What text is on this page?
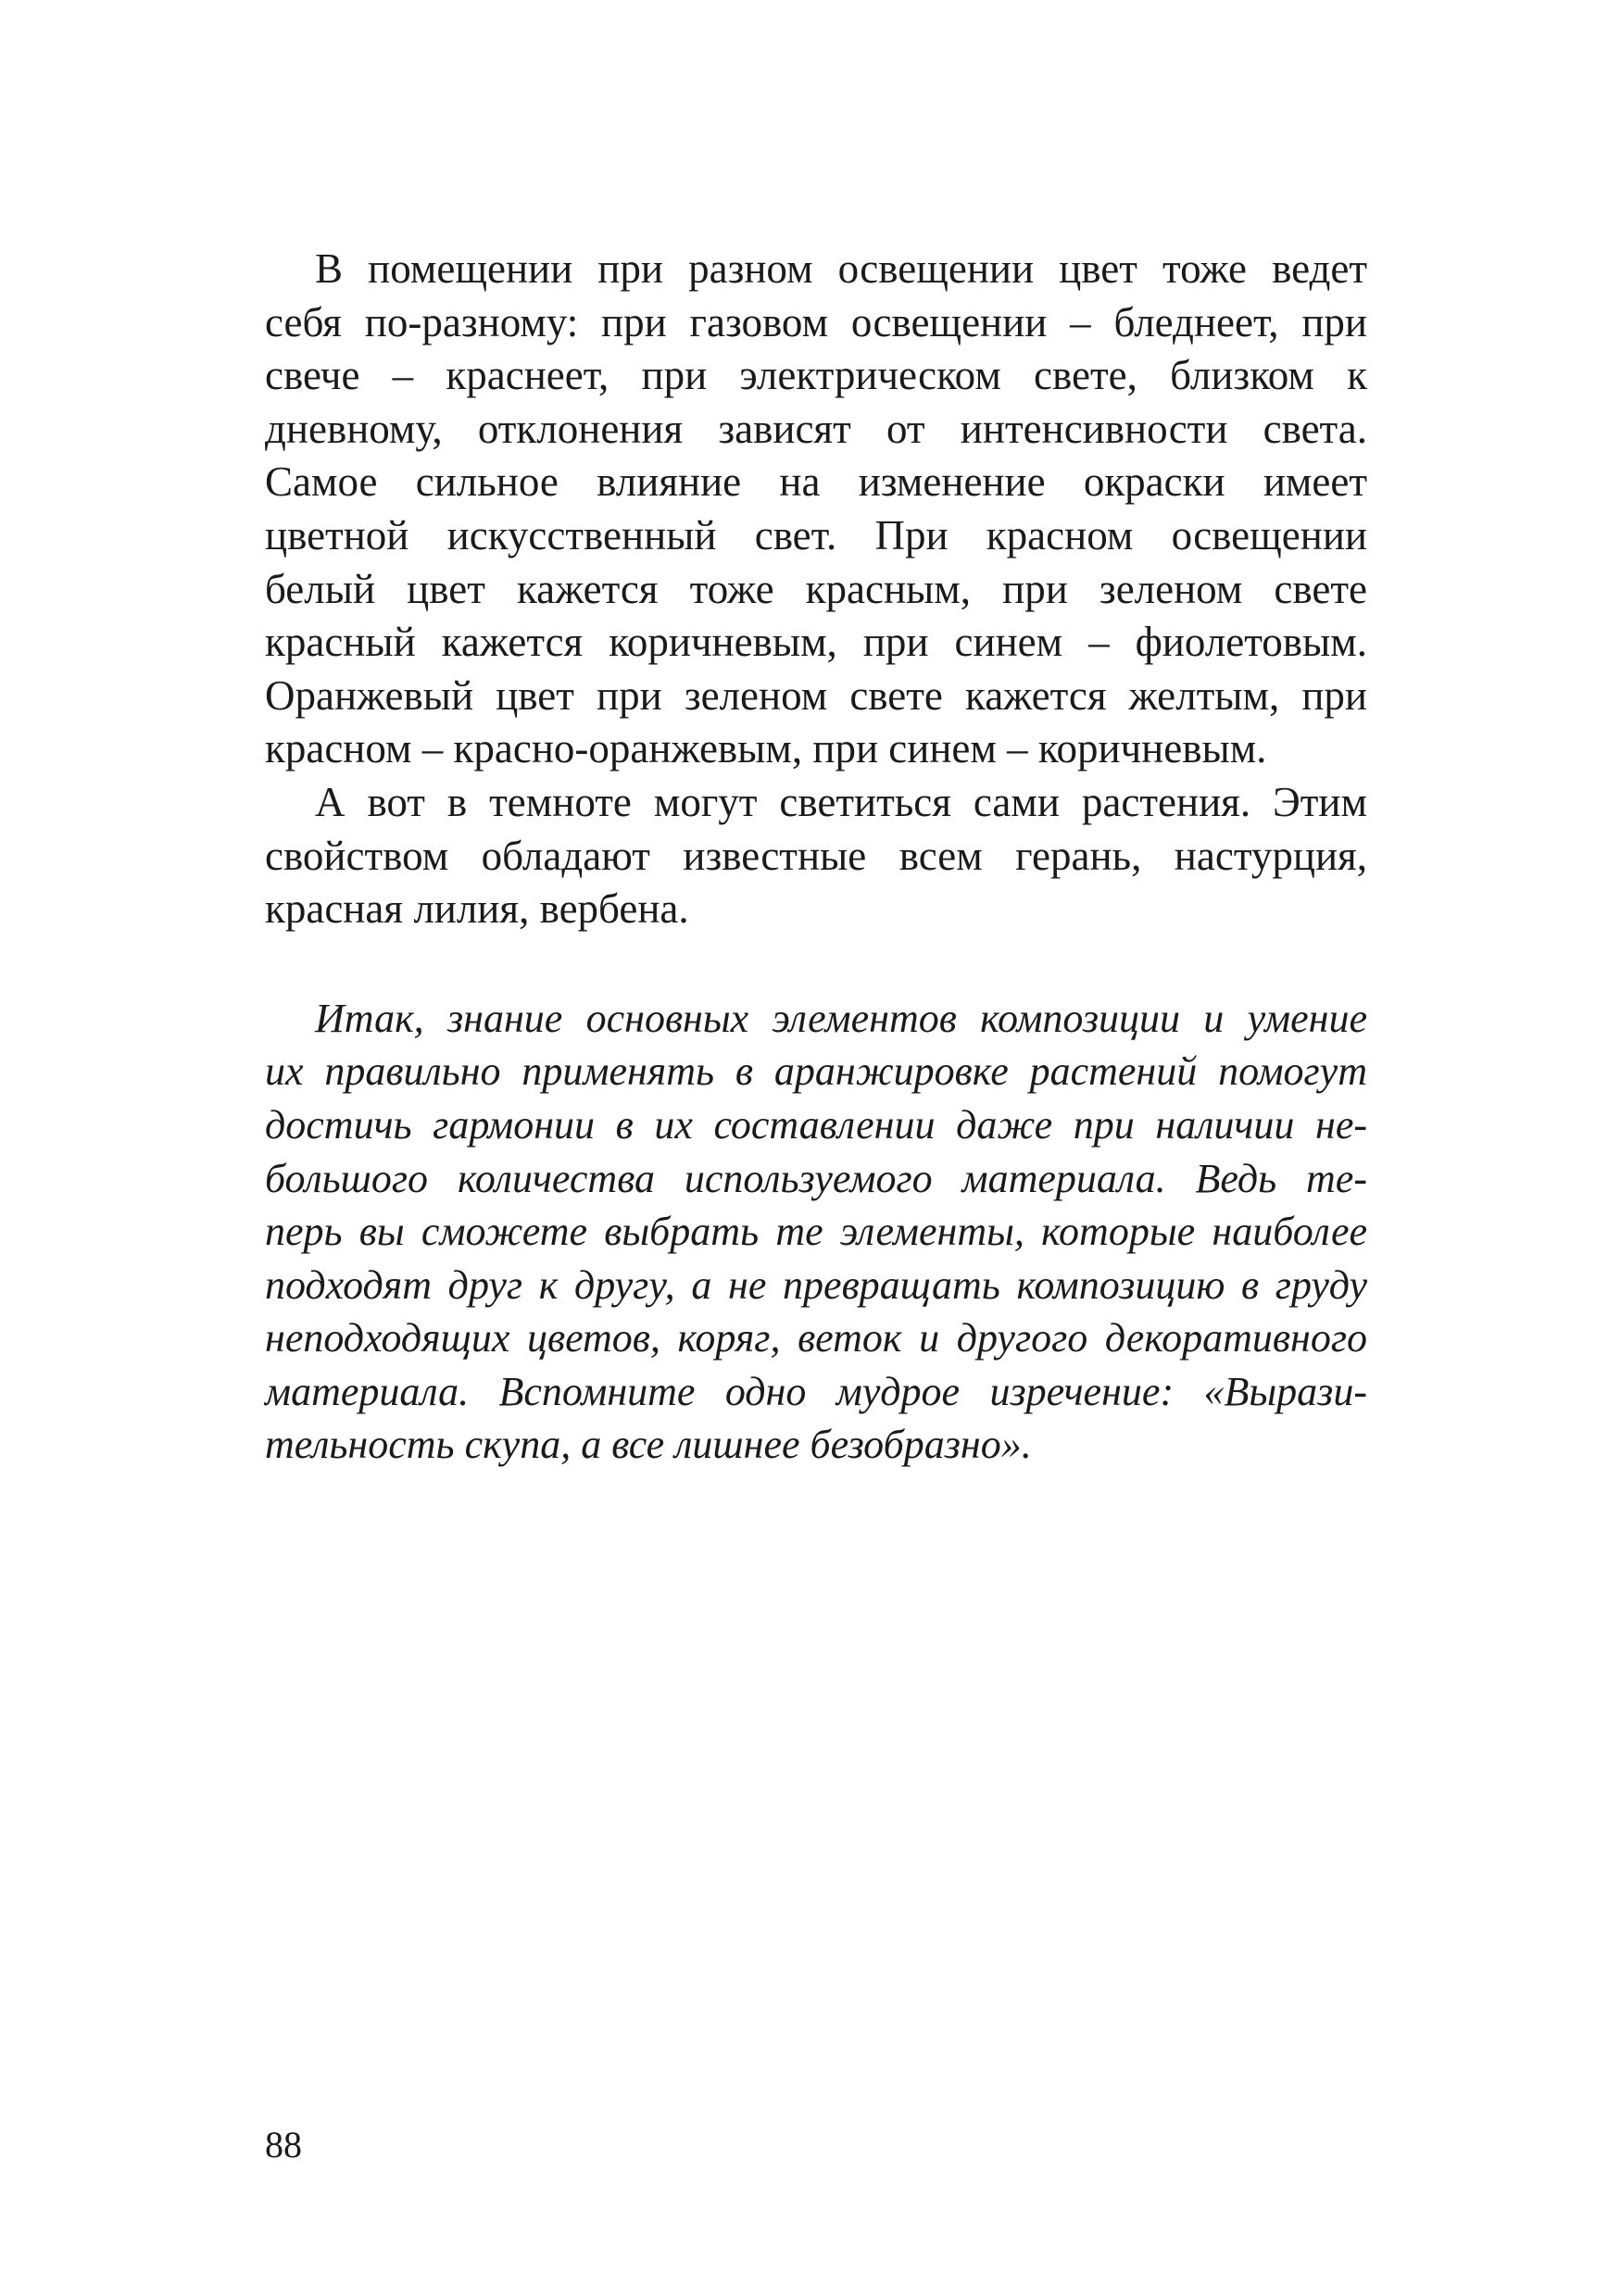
В помещении при разном освещении цвет тоже ведет
себя по-разному: при газовом освещении – бледнеет, при
свече – краснеет, при электрическом свете, близком к
дневному, отклонения зависят от интенсивности света.
Самое сильное влияние на изменение окраски имеет
цветной искусственный свет. При красном освещении
белый цвет кажется тоже красным, при зеленом свете
красный кажется коричневым, при синем – фиолетовым.
Оранжевый цвет при зеленом свете кажется желтым, при
красном – красно-оранжевым, при синем – коричневым.
А вот в темноте могут светиться сами растения. Этим
свойством обладают известные всем герань, настурция,
красная лилия, вербена.
Итак, знание основных элементов композиции и умение
их правильно применять в аранжировке растений помогут
достичь гармонии в их составлении даже при наличии не-
большого количества используемого материала. Ведь те-
перь вы сможете выбрать те элементы, которые наиболее
подходят друг к другу, а не превращать композицию в груду
неподходящих цветов, коряг, веток и другого декоративного
материала. Вспомните одно мудрое изречение: «Вырази-
тельность скупа, а все лишнее безобразно».
88
